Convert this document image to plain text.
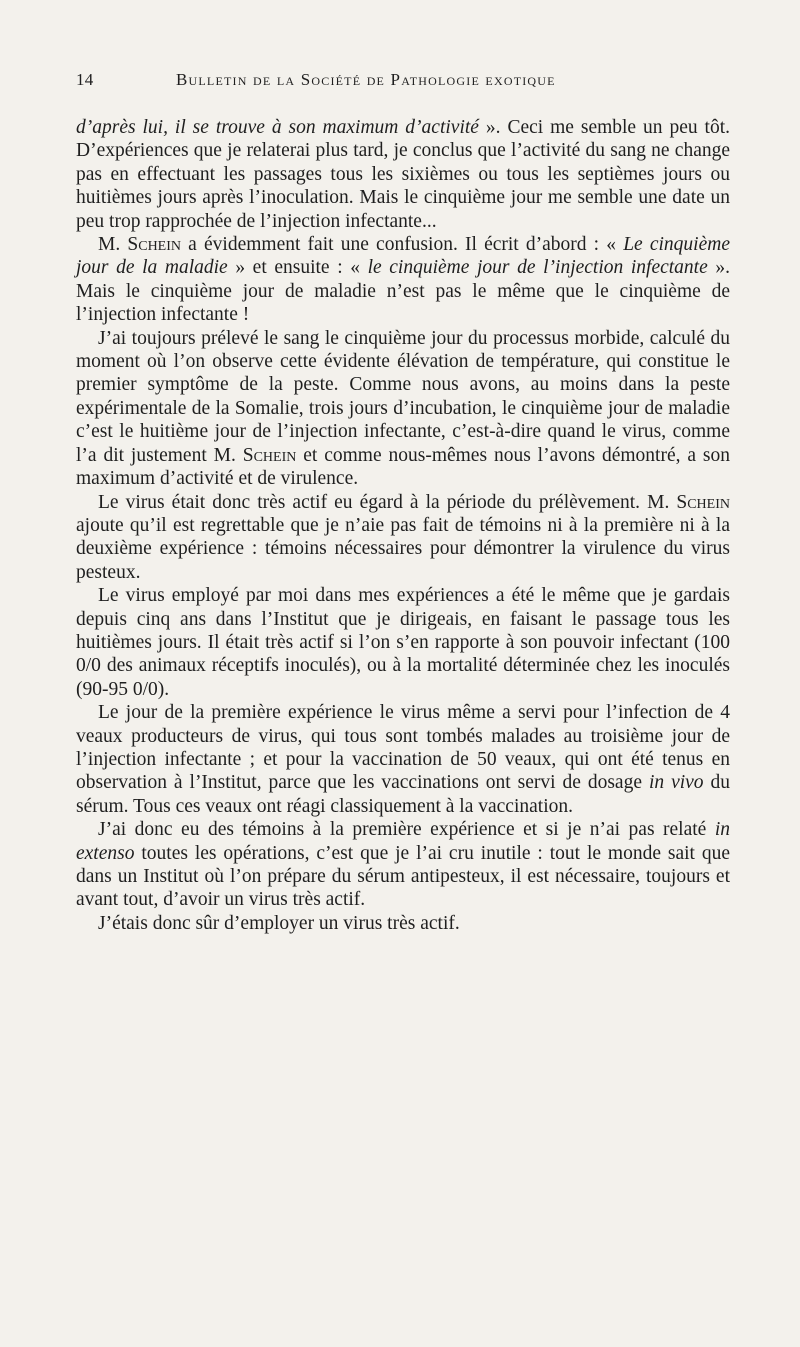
14	Bulletin de la Société de Pathologie exotique

d’après lui, il se trouve à son maximum d’activité ». Ceci me semble un peu tôt. D’expériences que je relaterai plus tard, je conclus que l’activité du sang ne change pas en effectuant les passages tous les sixièmes ou tous les septièmes jours ou huitièmes jours après l’inoculation. Mais le cinquième jour me semble une date un peu trop rapprochée de l’injection infectante...

M. Schein a évidemment fait une confusion. Il écrit d’abord : « Le cinquième jour de la maladie » et ensuite : « le cinquième jour de l’injection infectante ». Mais le cinquième jour de maladie n’est pas le même que le cinquième de l’injection infectante !

J’ai toujours prélevé le sang le cinquième jour du processus morbide, calculé du moment où l’on observe cette évidente élévation de température, qui constitue le premier symptôme de la peste. Comme nous avons, au moins dans la peste expérimentale de la Somalie, trois jours d’incubation, le cinquième jour de maladie c’est le huitième jour de l’injection infectante, c’est-à-dire quand le virus, comme l’a dit justement M. Schein et comme nous-mêmes nous l’avons démontré, a son maximum d’activité et de virulence.

Le virus était donc très actif eu égard à la période du prélèvement. M. Schein ajoute qu’il est regrettable que je n’aie pas fait de témoins ni à la première ni à la deuxième expérience : témoins nécessaires pour démontrer la virulence du virus pesteux.

Le virus employé par moi dans mes expériences a été le même que je gardais depuis cinq ans dans l’Institut que je dirigeais, en faisant le passage tous les huitièmes jours. Il était très actif si l’on s’en rapporte à son pouvoir infectant (100 0/0 des animaux réceptifs inoculés), ou à la mortalité déterminée chez les inoculés (90-95 0/0).

Le jour de la première expérience le virus même a servi pour l’infection de 4 veaux producteurs de virus, qui tous sont tombés malades au troisième jour de l’injection infectante ; et pour la vaccination de 50 veaux, qui ont été tenus en observation à l’Institut, parce que les vaccinations ont servi de dosage in vivo du sérum. Tous ces veaux ont réagi classiquement à la vaccination.

J’ai donc eu des témoins à la première expérience et si je n’ai pas relaté in extenso toutes les opérations, c’est que je l’ai cru inutile : tout le monde sait que dans un Institut où l’on prépare du sérum antipesteux, il est nécessaire, toujours et avant tout, d’avoir un virus très actif.

J’étais donc sûr d’employer un virus très actif.
